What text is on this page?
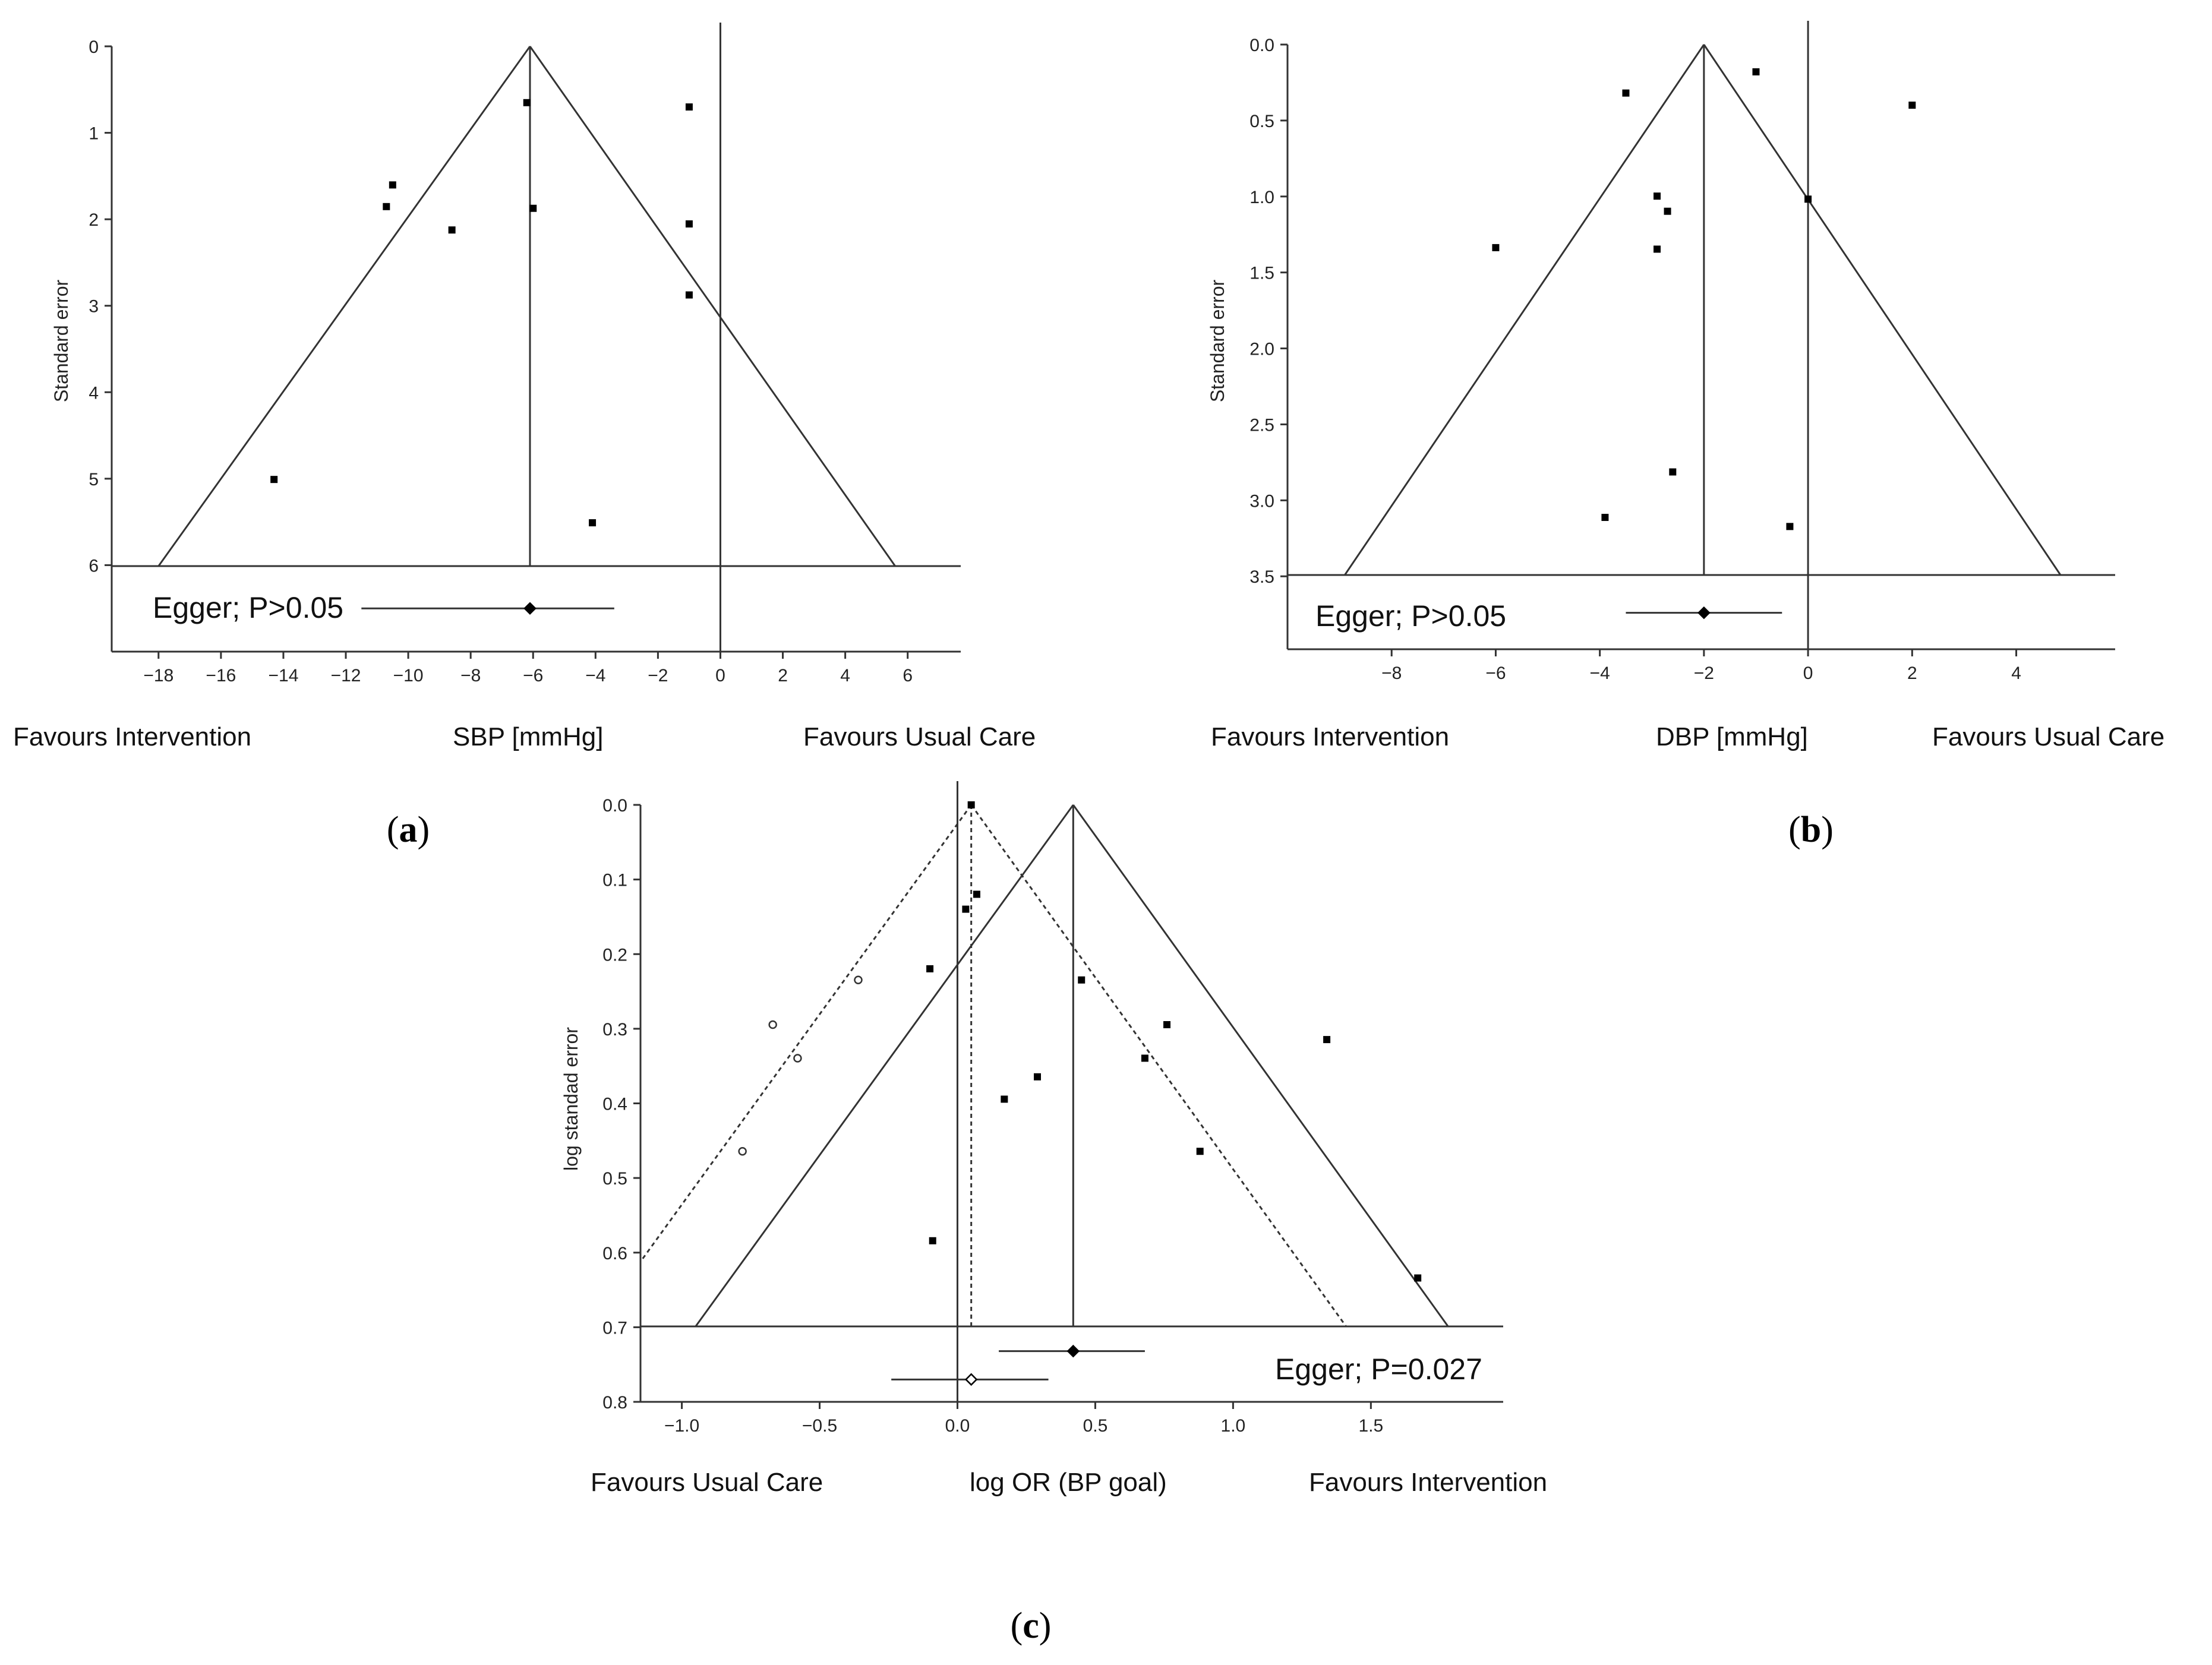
Standard error
Egger; P>0.05
Favours Intervention	SBP [mmHg]	Favours Usual Care
(a)
−18 −16 −14 −12 −10 −8 −6 −4 −2	0	2	4	6
0
1
2
3
4
5
6
Standard error
Egger; P>0.05
Favours Intervention	DBP [mmHg]	Favours Usual Care
(b)
−8	−6	−4	−2	0	2	4
0.0
0.5
1.0
1.5
2.0
2.5
3.0
3.5
log standad error
Egger; P=0.027
Favours Usual Care	log OR (BP goal)	Favours Intervention
(c)
−1.0	−0.5	0.0	0.5	1.0	1.5
0.0
0.1
0.2
0.3
0.4
0.5
0.6
0.7
0.8
